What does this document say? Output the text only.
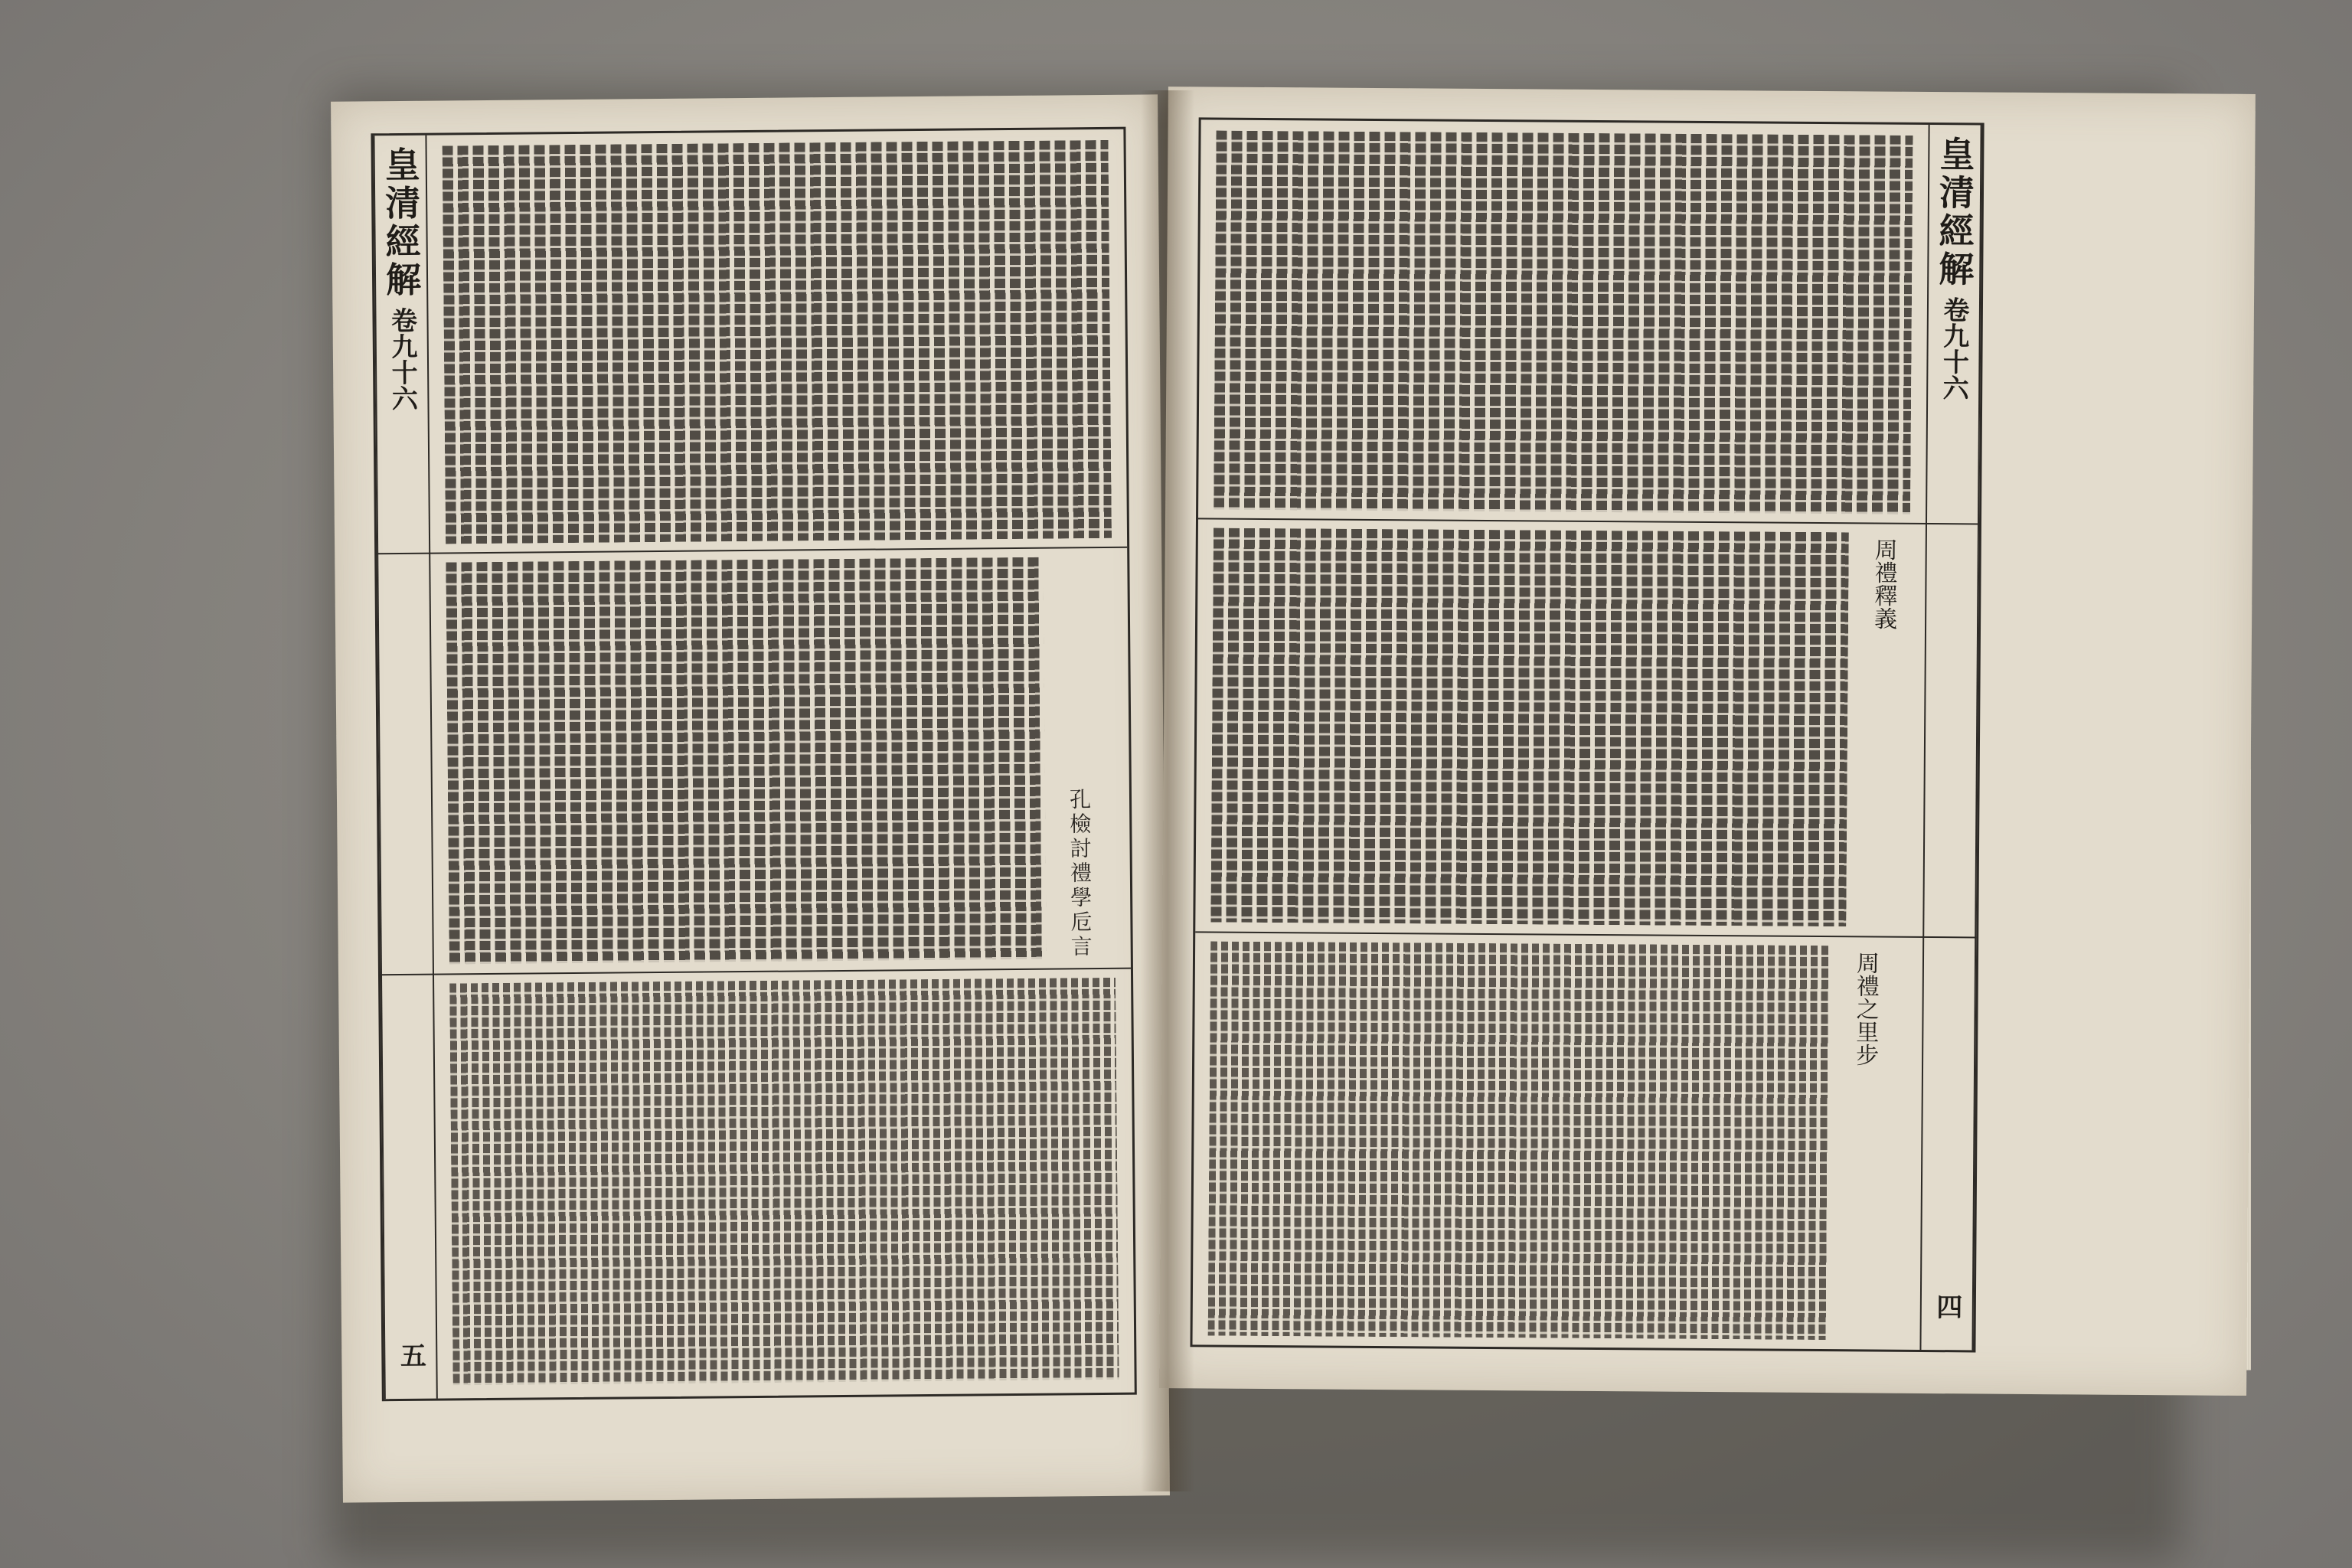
皇清經解
卷九十六
五
孔檢討禮學卮言
皇清經解
卷九十六
四
周禮釋義
周禮之里步
